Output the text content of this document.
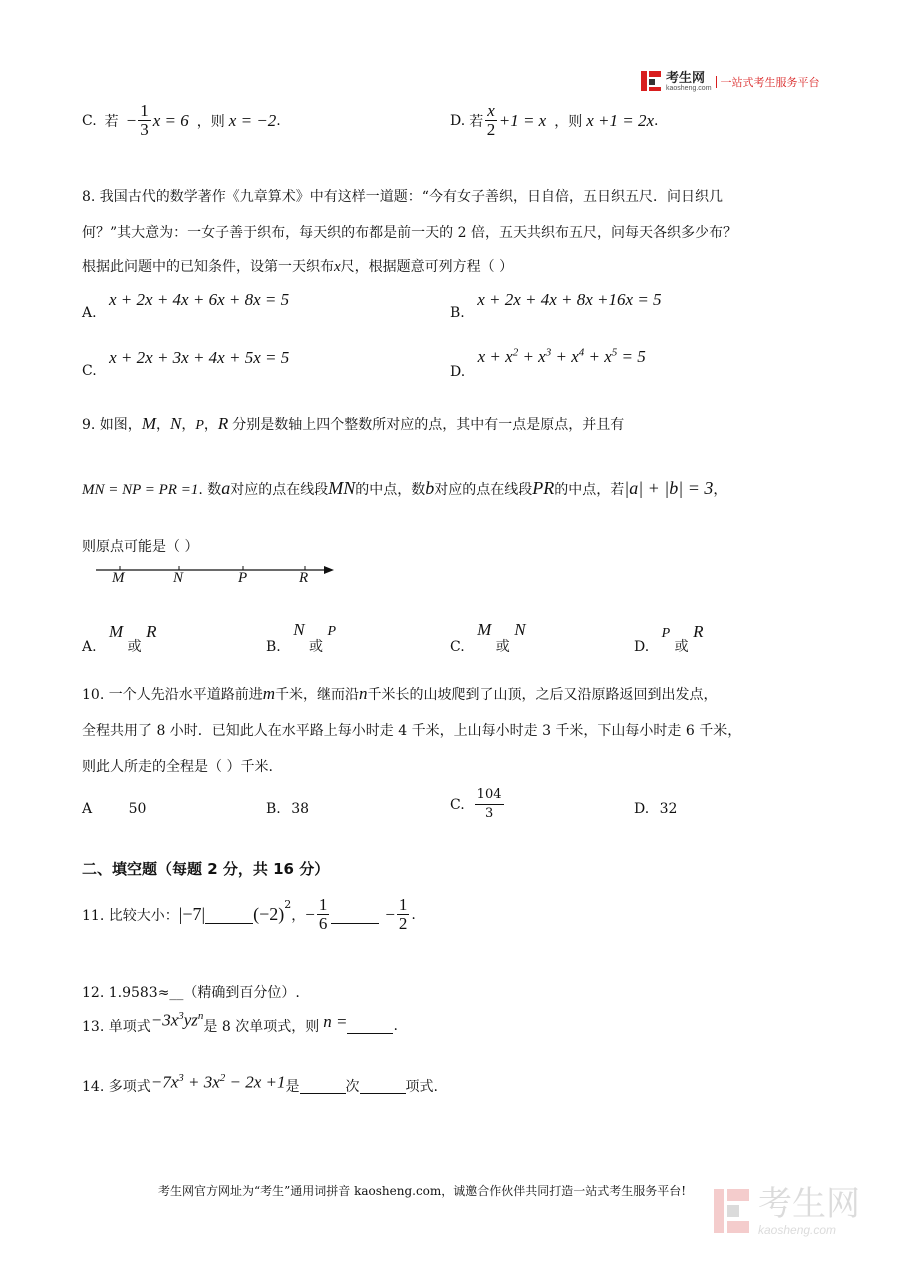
考生网
kaosheng.com 一站式考生服务平台
C. 若 − $\frac{1}{3}$ x = 6 ，则 x = −2 .	D. 若 $\frac{x}{2} +1 = x$ ，则 x +1 = 2x .
8. 我国古代的数学著作《九章算术》中有这样一道题：“今有女子善织，日自倍，五日织五尺．问日织几
何？”其大意为：一女子善于织布，每天织的布都是前一天的 2 倍，五天共织布五尺，问每天各织多少布？
根据此问题中的已知条件，设第一天织布x尺，根据题意可列方程（ ）
A. x + 2x + 4x + 6x + 8x = 5
B. x + 2x + 4x + 8x +16x = 5
C. x + 2x + 3x + 4x + 5x = 5
D. $x + x^2 + x^3 + x^4 + x^5 = 5$
9. 如图， M ， N ， P ， R 分别是数轴上四个整数所对应的点，其中有一点是原点，并且有
MN = NP = PR =1 . 数 a 对应的点在线段 MN 的中点，数 b 对应的点在线段 PR 的中点，若 |a| + |b| = 3 ，
则原点可能是（ ）
M	N	P	R
A. M 或 R
B. N 或 P
C. M 或 N
D. P 或 R
10. 一个人先沿水平道路前进 m 千米，继而沿 n 千米长的山坡爬到了山顶，之后又沿原路返回到出发点，
全程共用了 8 小时．已知此人在水平路上每小时走 4 千米，上山每小时走 3 千米，下山每小时走 6 千米，
则此人所走的全程是（ ）千米.
A	50	B. 38	C. $\frac{104}{3}$	D. 32
二、填空题（每题 2 分，共 16 分）
11. 比较大小： |−7|	(−2) 2
， − $\frac{1}{6}$	− $\frac{1}{2}$ .
12. 1.9583≈__（精确到百分位）.
13. 单项式 $-3x^3yz^n$
是 8 次单项式，则 n =	.
14. 多项式 $-7x^3 + 3x^2 - 2x +1$ 是	次	项式.
考生网官方网址为“考生”通用词拼音 kaosheng.com，诚邀合作伙伴共同打造一站式考生服务平台! 考生网
kaosheng.com
